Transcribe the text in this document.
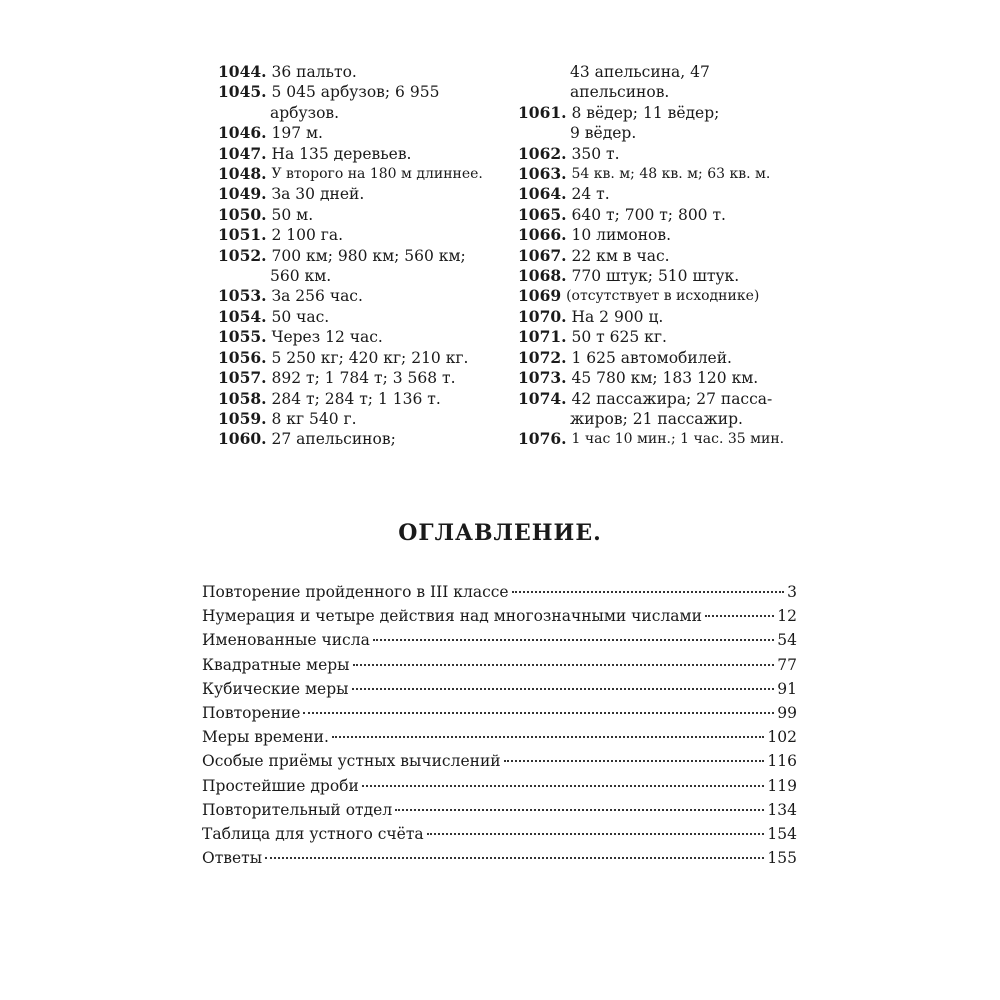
1044.
36 пальто.
1045.
5 045 арбузов; 6 955
арбузов.
1046.
197 м.
1047.
На 135 деревьев.
1048.
У второго на 180 м длиннее.
1049.
За 30 дней.
1050.
50 м.
1051.
2 100 га.
1052.
700 км; 980 км; 560 км;
560 км.
1053.
За 256 час.
1054.
50 час.
1055.
Через 12 час.
1056.
5 250 кг; 420 кг; 210 кг.
1057.
892 т; 1 784 т; 3 568 т.
1058.
284 т; 284 т; 1 136 т.
1059.
8 кг 540 г.
1060.
27 апельсинов;
43 апельсина, 47 апельсинов.
1061.
8 вёдер; 11 вёдер;
9 вёдер.
1062.
350 т.
1063.
54 кв. м; 48 кв. м; 63 кв. м.
1064.
24 т.
1065.
640 т; 700 т; 800 т.
1066.
10 лимонов.
1067.
22 км в час.
1068.
770 штук; 510 штук.
1069
(отсутствует в исходнике)
1070.
На 2 900 ц.
1071.
50 т 625 кг.
1072.
1 625 автомобилей.
1073.
45 780 км; 183 120 км.
1074.
42 пассажира; 27 пасса-
жиров; 21 пассажир.
1076.
1 час 10 мин.; 1 час. 35 мин.
ОГЛАВЛЕНИЕ.
Повторение пройденного в III классе	3
Нумерация и четыре действия над многозначными числами	12
Именованные числа	54
Квадратные меры	77
Кубические меры	91
Повторение	99
Меры времени.	102
Особые приёмы устных вычислений	116
Простейшие дроби	119
Повторительный отдел	134
Таблица для устного счёта	154
Ответы	155
